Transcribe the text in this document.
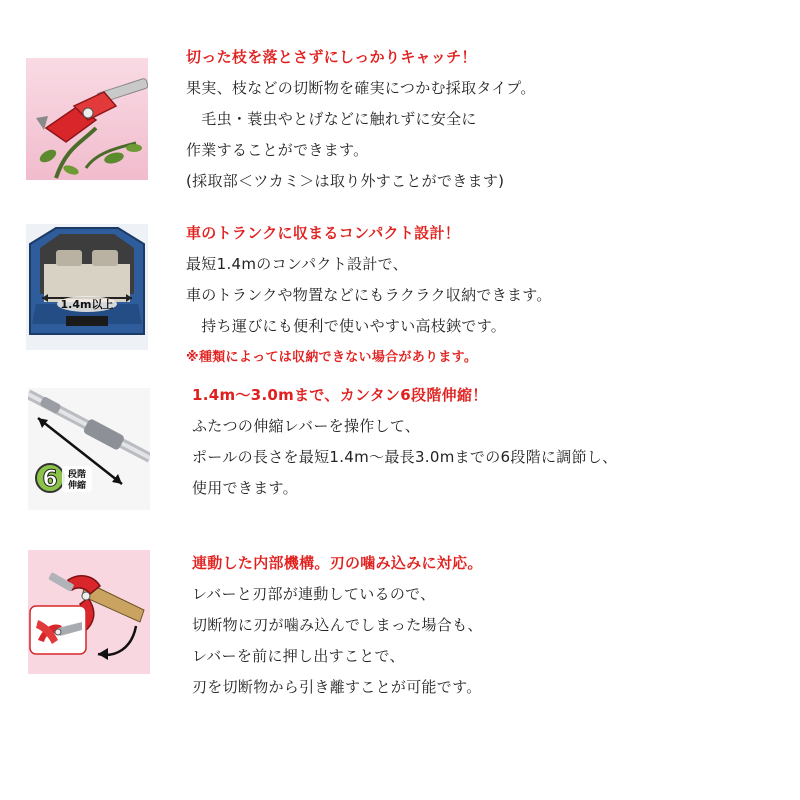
切った枝を落とさずにしっかりキャッチ！
果実、枝などの切断物を確実につかむ採取タイプ。
　毛虫・蓑虫やとげなどに触れずに安全に
作業することができます。
(採取部＜ツカミ＞は取り外すことができます)
1.4m以上
車のトランクに収まるコンパクト設計！
最短1.4mのコンパクト設計で、
車のトランクや物置などにもラクラク収納できます。
　持ち運びにも便利で使いやすい高枝鋏です。
※種類によっては収納できない場合があります。
6 段階
伸縮
1.4m〜3.0mまで、カンタン6段階伸縮！
ふたつの伸縮レバーを操作して、
ポールの長さを最短1.4m〜最長3.0mまでの6段階に調節し、
使用できます。
連動した内部機構。刃の噛み込みに対応。
レバーと刃部が連動しているので、
切断物に刃が噛み込んでしまった場合も、
レバーを前に押し出すことで、
刃を切断物から引き離すことが可能です。
